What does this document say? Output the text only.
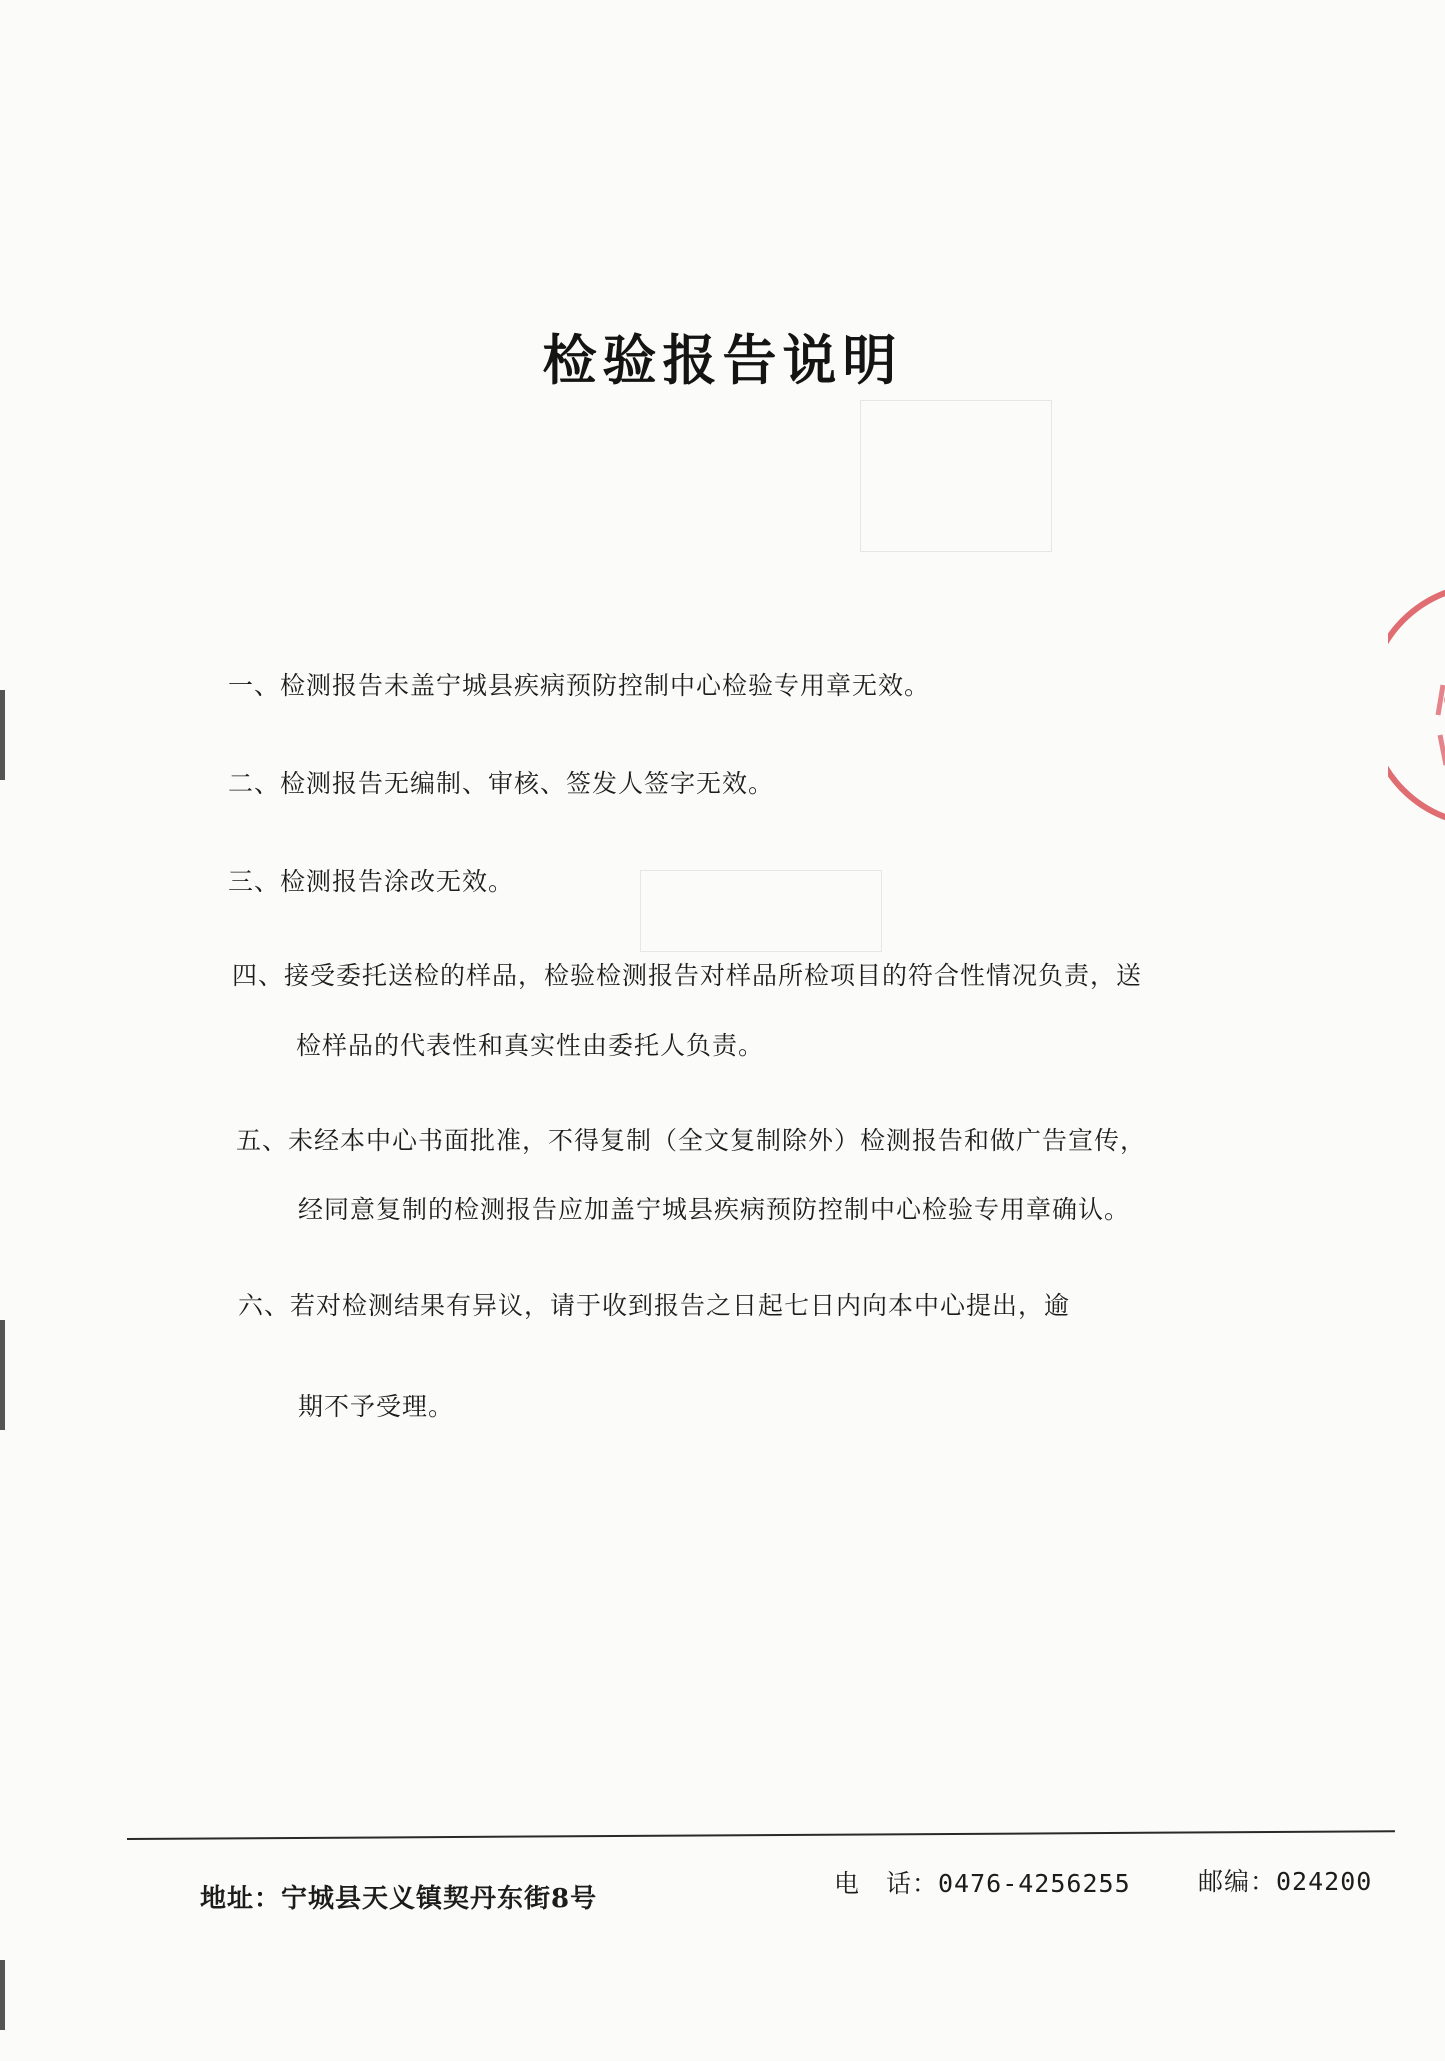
检验报告说明
一、检测报告未盖宁城县疾病预防控制中心检验专用章无效。
二、检测报告无编制、审核、签发人签字无效。
三、检测报告涂改无效。
四、接受委托送检的样品，检验检测报告对样品所检项目的符合性情况负责，送
检样品的代表性和真实性由委托人负责。
五、未经本中心书面批准，不得复制（全文复制除外）检测报告和做广告宣传，
经同意复制的检测报告应加盖宁城县疾病预防控制中心检验专用章确认。
六、若对检测结果有异议，请于收到报告之日起七日内向本中心提出，逾
期不予受理。
地址：宁城县天义镇契丹东街8号
电　话：0476-4256255	邮编：024200
